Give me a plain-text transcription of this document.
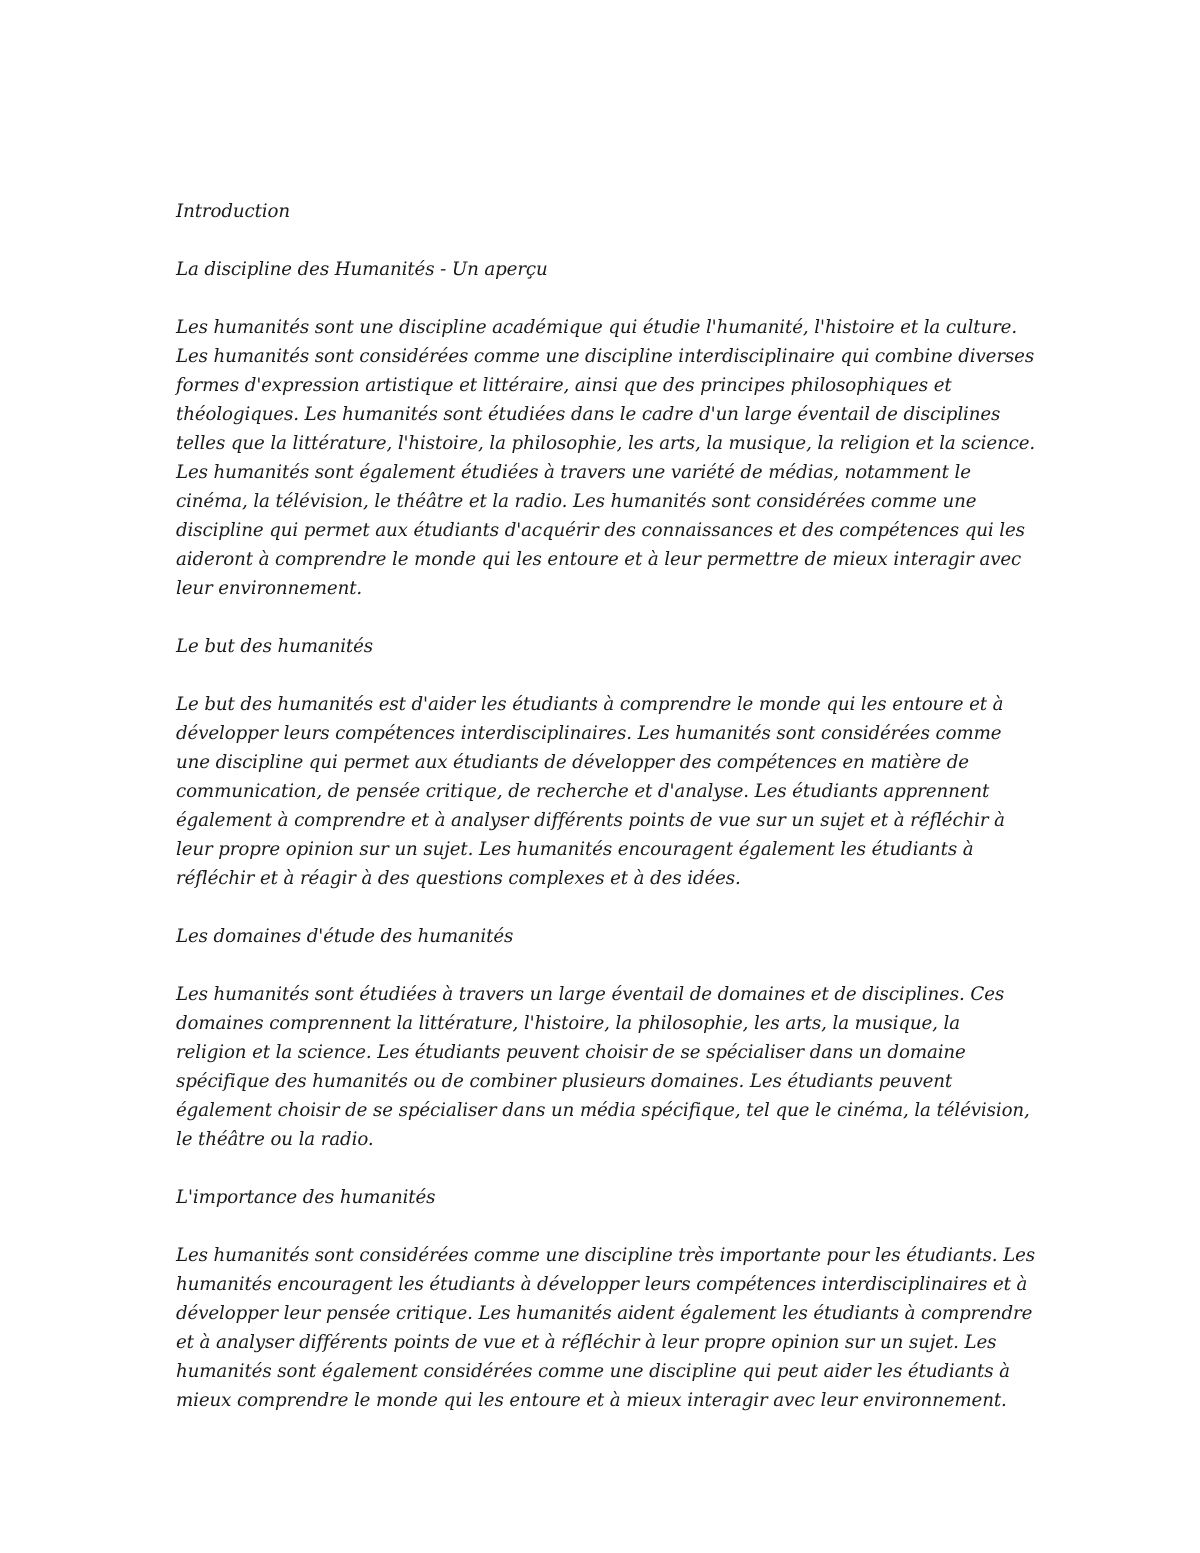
Introduction
La discipline des Humanités - Un aperçu

Les humanités sont une discipline académique qui étudie l'humanité, l'histoire et la culture. Les humanités sont considérées comme une discipline interdisciplinaire qui combine diverses formes d'expression artistique et littéraire, ainsi que des principes philosophiques et théologiques. Les humanités sont étudiées dans le cadre d'un large éventail de disciplines telles que la littérature, l'histoire, la philosophie, les arts, la musique, la religion et la science. Les humanités sont également étudiées à travers une variété de médias, notamment le cinéma, la télévision, le théâtre et la radio. Les humanités sont considérées comme une discipline qui permet aux étudiants d'acquérir des connaissances et des compétences qui les aideront à comprendre le monde qui les entoure et à leur permettre de mieux interagir avec leur environnement.

Le but des humanités

Le but des humanités est d'aider les étudiants à comprendre le monde qui les entoure et à développer leurs compétences interdisciplinaires. Les humanités sont considérées comme une discipline qui permet aux étudiants de développer des compétences en matière de communication, de pensée critique, de recherche et d'analyse. Les étudiants apprennent également à comprendre et à analyser différents points de vue sur un sujet et à réfléchir à leur propre opinion sur un sujet. Les humanités encouragent également les étudiants à réfléchir et à réagir à des questions complexes et à des idées.

Les domaines d'étude des humanités

Les humanités sont étudiées à travers un large éventail de domaines et de disciplines. Ces domaines comprennent la littérature, l'histoire, la philosophie, les arts, la musique, la religion et la science. Les étudiants peuvent choisir de se spécialiser dans un domaine spécifique des humanités ou de combiner plusieurs domaines. Les étudiants peuvent également choisir de se spécialiser dans un média spécifique, tel que le cinéma, la télévision, le théâtre ou la radio.

L'importance des humanités

Les humanités sont considérées comme une discipline très importante pour les étudiants. Les humanités encouragent les étudiants à développer leurs compétences interdisciplinaires et à développer leur pensée critique. Les humanités aident également les étudiants à comprendre et à analyser différents points de vue et à réfléchir à leur propre opinion sur un sujet. Les humanités sont également considérées comme une discipline qui peut aider les étudiants à mieux comprendre le monde qui les entoure et à mieux interagir avec leur environnement.
